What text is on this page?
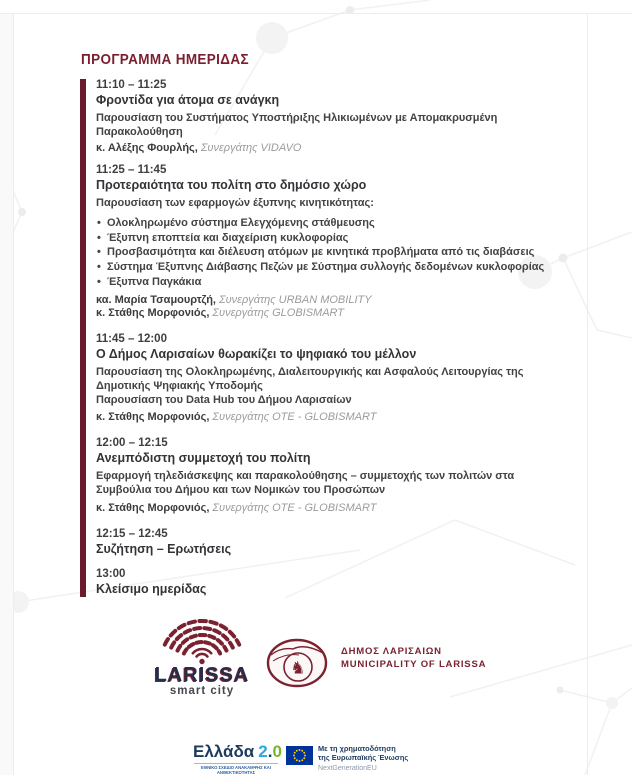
ΠΡΟΓΡΑΜΜΑ ΗΜΕΡΙΔΑΣ
11:10 – 11:25
Φροντίδα για άτομα σε ανάγκη
Παρουσίαση του Συστήματος Υποστήριξης Ηλικιωμένων με Απομακρυσμένη
Παρακολούθηση
κ. Αλέξης Φουρλής, Συνεργάτης VIDAVO
11:25 – 11:45
Προτεραιότητα του πολίτη στο δημόσιο χώρο
Παρουσίαση των εφαρμογών έξυπνης κινητικότητας:
• Ολοκληρωμένο σύστημα Ελεγχόμενης στάθμευσης
• Έξυπνη εποπτεία και διαχείριση κυκλοφορίας
• Προσβασιμότητα και διέλευση ατόμων με κινητικά προβλήματα από τις διαβάσεις
• Σύστημα Έξυπνης Διάβασης Πεζών με Σύστημα συλλογής δεδομένων κυκλοφορίας
• Έξυπνα Παγκάκια
κα. Μαρία Τσαμουρτζή, Συνεργάτης URBAN MOBILITY
κ. Στάθης Μορφονιός, Συνεργάτης GLOBISMART
11:45 – 12:00
Ο Δήμος Λαρισαίων θωρακίζει το ψηφιακό του μέλλον
Παρουσίαση της Ολοκληρωμένης, Διαλειτουργικής και Ασφαλούς Λειτουργίας της
Δημοτικής Ψηφιακής Υποδομής
Παρουσίαση του Data Hub του Δήμου Λαρισαίων
κ. Στάθης Μορφονιός, Συνεργάτης OTE - GLOBISMART
12:00 – 12:15
Ανεμπόδιστη συμμετοχή του πολίτη
Εφαρμογή τηλεδιάσκεψης και παρακολούθησης – συμμετοχής των πολιτών στα
Συμβούλια του Δήμου και των Νομικών του Προσώπων
κ. Στάθης Μορφονιός, Συνεργάτης OTE - GLOBISMART
12:15 – 12:45
Συζήτηση – Ερωτήσεις
13:00
Κλείσιμο ημερίδας
LARISSA
smart city
♞
ΔΗΜΟΣ ΛΑΡΙΣΑΙΩΝ
MUNICIPALITY OF LARISSA
Ελλάδα 2.0
ΕΘΝΙΚΟ ΣΧΕΔΙΟ ΑΝΑΚΑΜΨΗΣ ΚΑΙ ΑΝΘΕΚΤΙΚΟΤΗΤΑΣ
Με τη χρηματοδότηση
της Ευρωπαϊκής Ένωσης
NextGenerationEU
